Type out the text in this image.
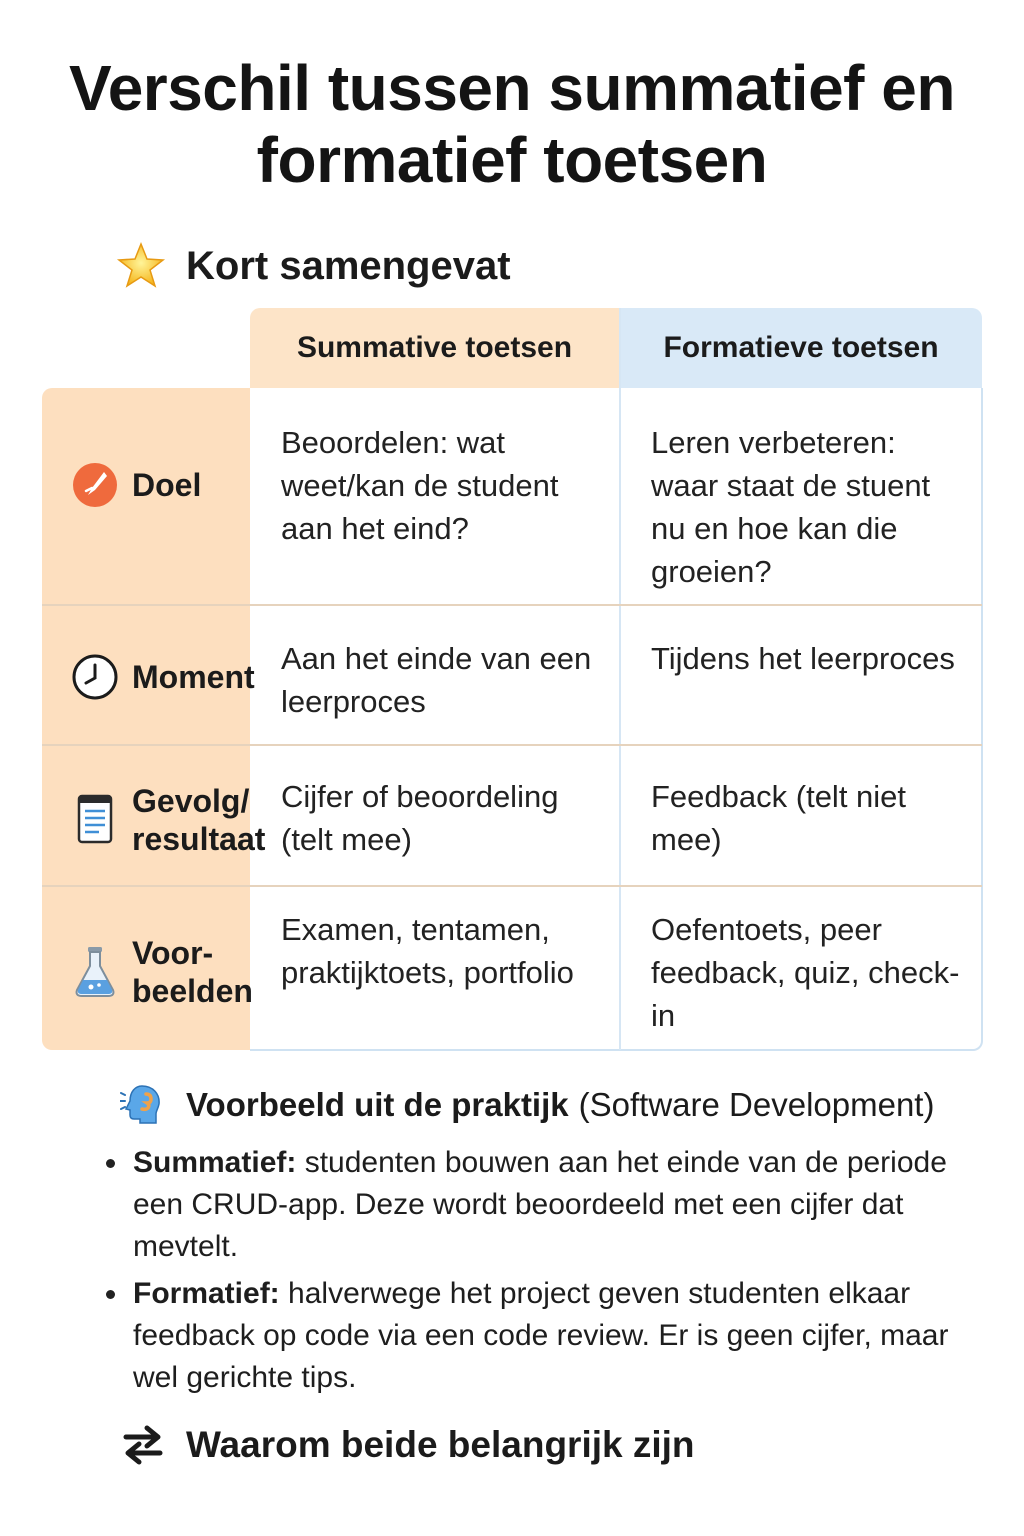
Verschil tussen summatief en
formatief toetsen
Kort samengevat
Summative toetsen	Formatieve toetsen
Doel
Beoordelen: wat weet/kan de student aan het eind?
Leren verbeteren: waar staat de stuent nu en hoe kan die groeien?
Moment
Aan het einde van een leerproces
Tijdens het leerproces
Gevolg/
resultaat
Cijfer of beoordeling (telt mee)
Feedback (telt niet mee)
Voor-
beelden
Examen, tentamen, praktijktoets, portfolio
Oefentoets, peer feedback, quiz, check-in
Voorbeeld uit de praktijk (Software Development)
Summatief: studenten bouwen aan het einde van de periode een CRUD-app. Deze wordt beoordeeld met een cijfer dat mevtelt.
Formatief: halverwege het project geven studenten elkaar feedback op code via een code review. Er is geen cijfer, maar wel gerichte tips.
Waarom beide belangrijk zijn
